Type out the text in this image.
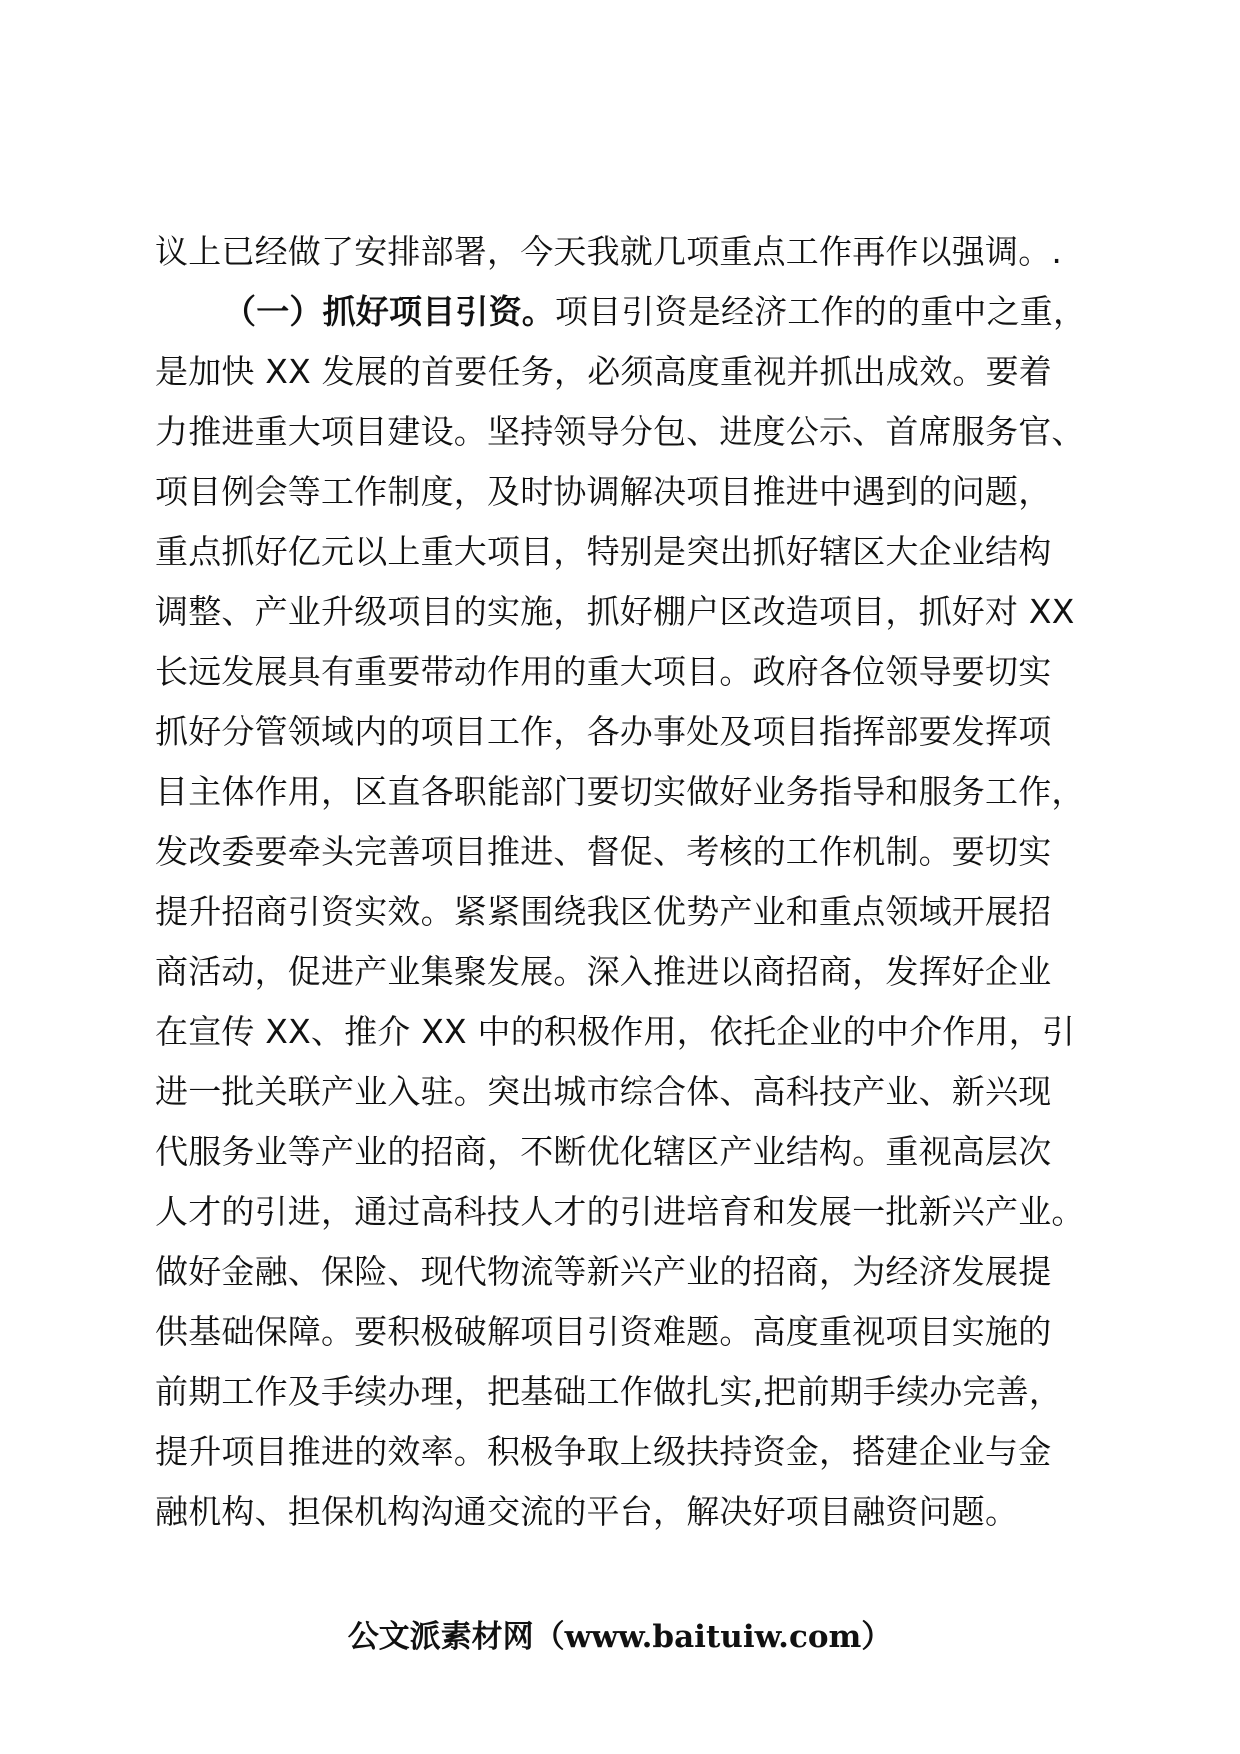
议上已经做了安排部署，今天我就几项重点工作再作以强调。.
（一）抓好项目引资。项目引资是经济工作的的重中之重，
是加快 XX 发展的首要任务，必须高度重视并抓出成效。要着
力推进重大项目建设。坚持领导分包、进度公示、首席服务官、
项目例会等工作制度，及时协调解决项目推进中遇到的问题，
重点抓好亿元以上重大项目，特别是突出抓好辖区大企业结构
调整、产业升级项目的实施，抓好棚户区改造项目，抓好对 XX
长远发展具有重要带动作用的重大项目。政府各位领导要切实
抓好分管领域内的项目工作，各办事处及项目指挥部要发挥项
目主体作用，区直各职能部门要切实做好业务指导和服务工作，
发改委要牵头完善项目推进、督促、考核的工作机制。要切实
提升招商引资实效。紧紧围绕我区优势产业和重点领域开展招
商活动，促进产业集聚发展。深入推进以商招商，发挥好企业
在宣传 XX、推介 XX 中的积极作用，依托企业的中介作用，引
进一批关联产业入驻。突出城市综合体、高科技产业、新兴现
代服务业等产业的招商，不断优化辖区产业结构。重视高层次
人才的引进，通过高科技人才的引进培育和发展一批新兴产业。
做好金融、保险、现代物流等新兴产业的招商，为经济发展提
供基础保障。要积极破解项目引资难题。高度重视项目实施的
前期工作及手续办理，把基础工作做扎实,把前期手续办完善，
提升项目推进的效率。积极争取上级扶持资金，搭建企业与金
融机构、担保机构沟通交流的平台，解决好项目融资问题。
公文派素材网（www.baituiw.com）
